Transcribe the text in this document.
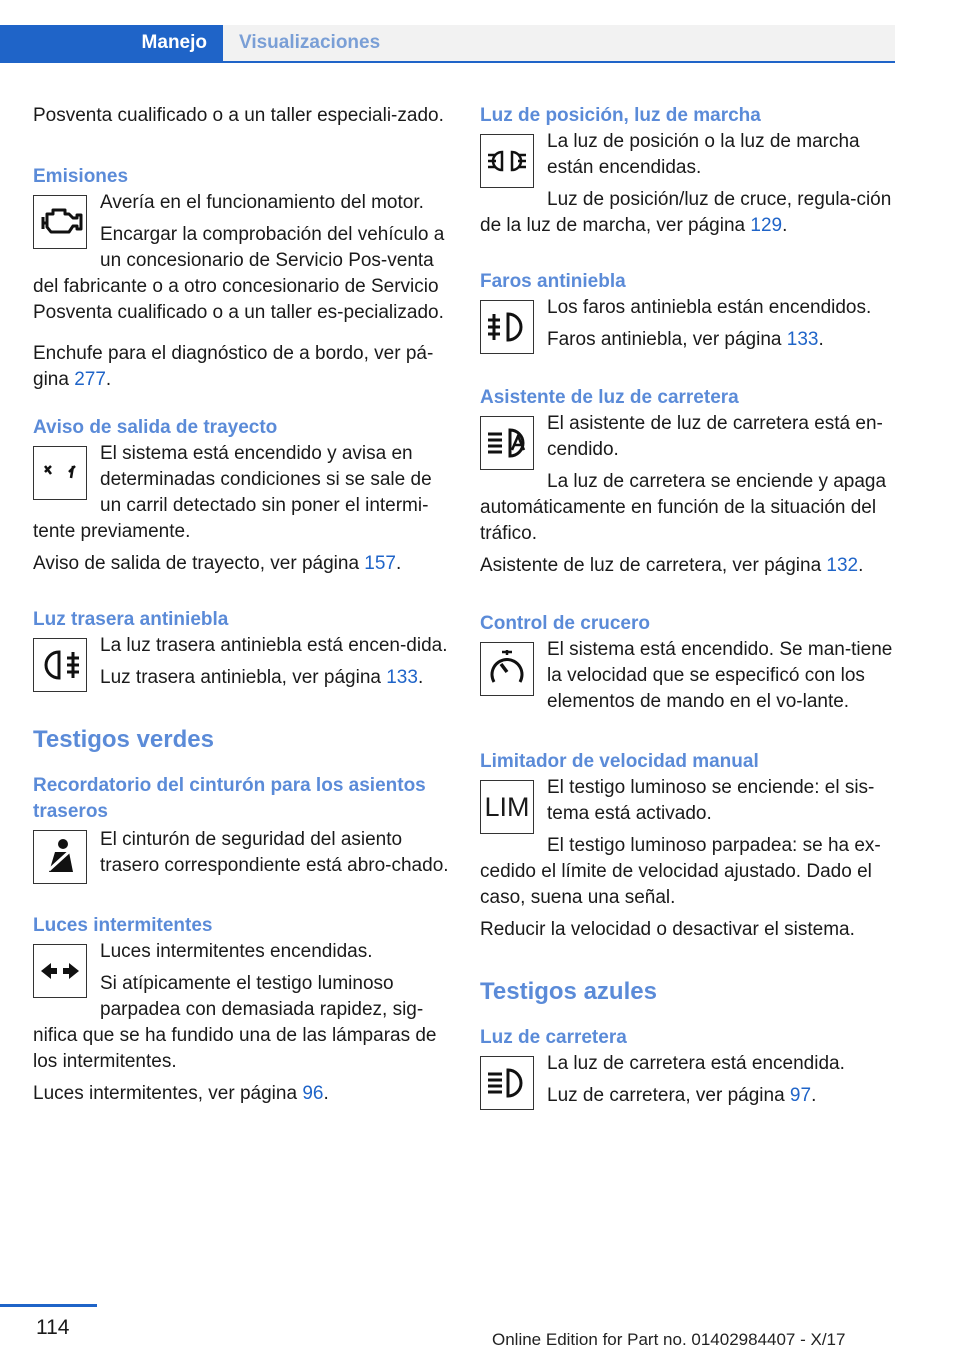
Manejo	Visualizaciones

Posventa cualificado o a un taller especiali‐zado.

Emisiones

Avería en el funcionamiento del motor.

Encargar la comprobación del vehículo a un concesionario de Servicio Pos‐venta del fabricante o a otro concesionario de Servicio Posventa cualificado o a un taller es‐pecializado.

Enchufe para el diagnóstico de a bordo, ver pá‐gina 277.

Aviso de salida de trayecto

El sistema está encendido y avisa en determinadas condiciones si se sale de un carril detectado sin poner el intermi‐tente previamente.

Aviso de salida de trayecto, ver página 157.

Luz trasera antiniebla

La luz trasera antiniebla está encen‐dida.

Luz trasera antiniebla, ver página 133.

Testigos verdes
Recordatorio del cinturón para los asientos traseros

El cinturón de seguridad del asiento trasero correspondiente está abro‐chado.

Luces intermitentes

Luces intermitentes encendidas.

Si atípicamente el testigo luminoso parpadea con demasiada rapidez, sig‐nifica que se ha fundido una de las lámparas de los intermitentes.

Luces intermitentes, ver página 96.

Luz de posición, luz de marcha

La luz de posición o la luz de marcha están encendidas.

Luz de posición/luz de cruce, regula‐ción de la luz de marcha, ver página 129.

Faros antiniebla

Los faros antiniebla están encendidos.

Faros antiniebla, ver página 133.

Asistente de luz de carretera

El asistente de luz de carretera está en‐cendido.

La luz de carretera se enciende y apaga automáticamente en función de la situación del tráfico.

Asistente de luz de carretera, ver página 132.

Control de crucero

El sistema está encendido. Se man‐tiene la velocidad que se especificó con los elementos de mando en el vo‐lante.

Limitador de velocidad manual
LIM

El testigo luminoso se enciende: el sis‐tema está activado.

El testigo luminoso parpadea: se ha ex‐cedido el límite de velocidad ajustado. Dado el caso, suena una señal.

Reducir la velocidad o desactivar el sistema.

Testigos azules
Luz de carretera

La luz de carretera está encendida.

Luz de carretera, ver página 97.

114
Online Edition for Part no. 01402984407 - X/17
